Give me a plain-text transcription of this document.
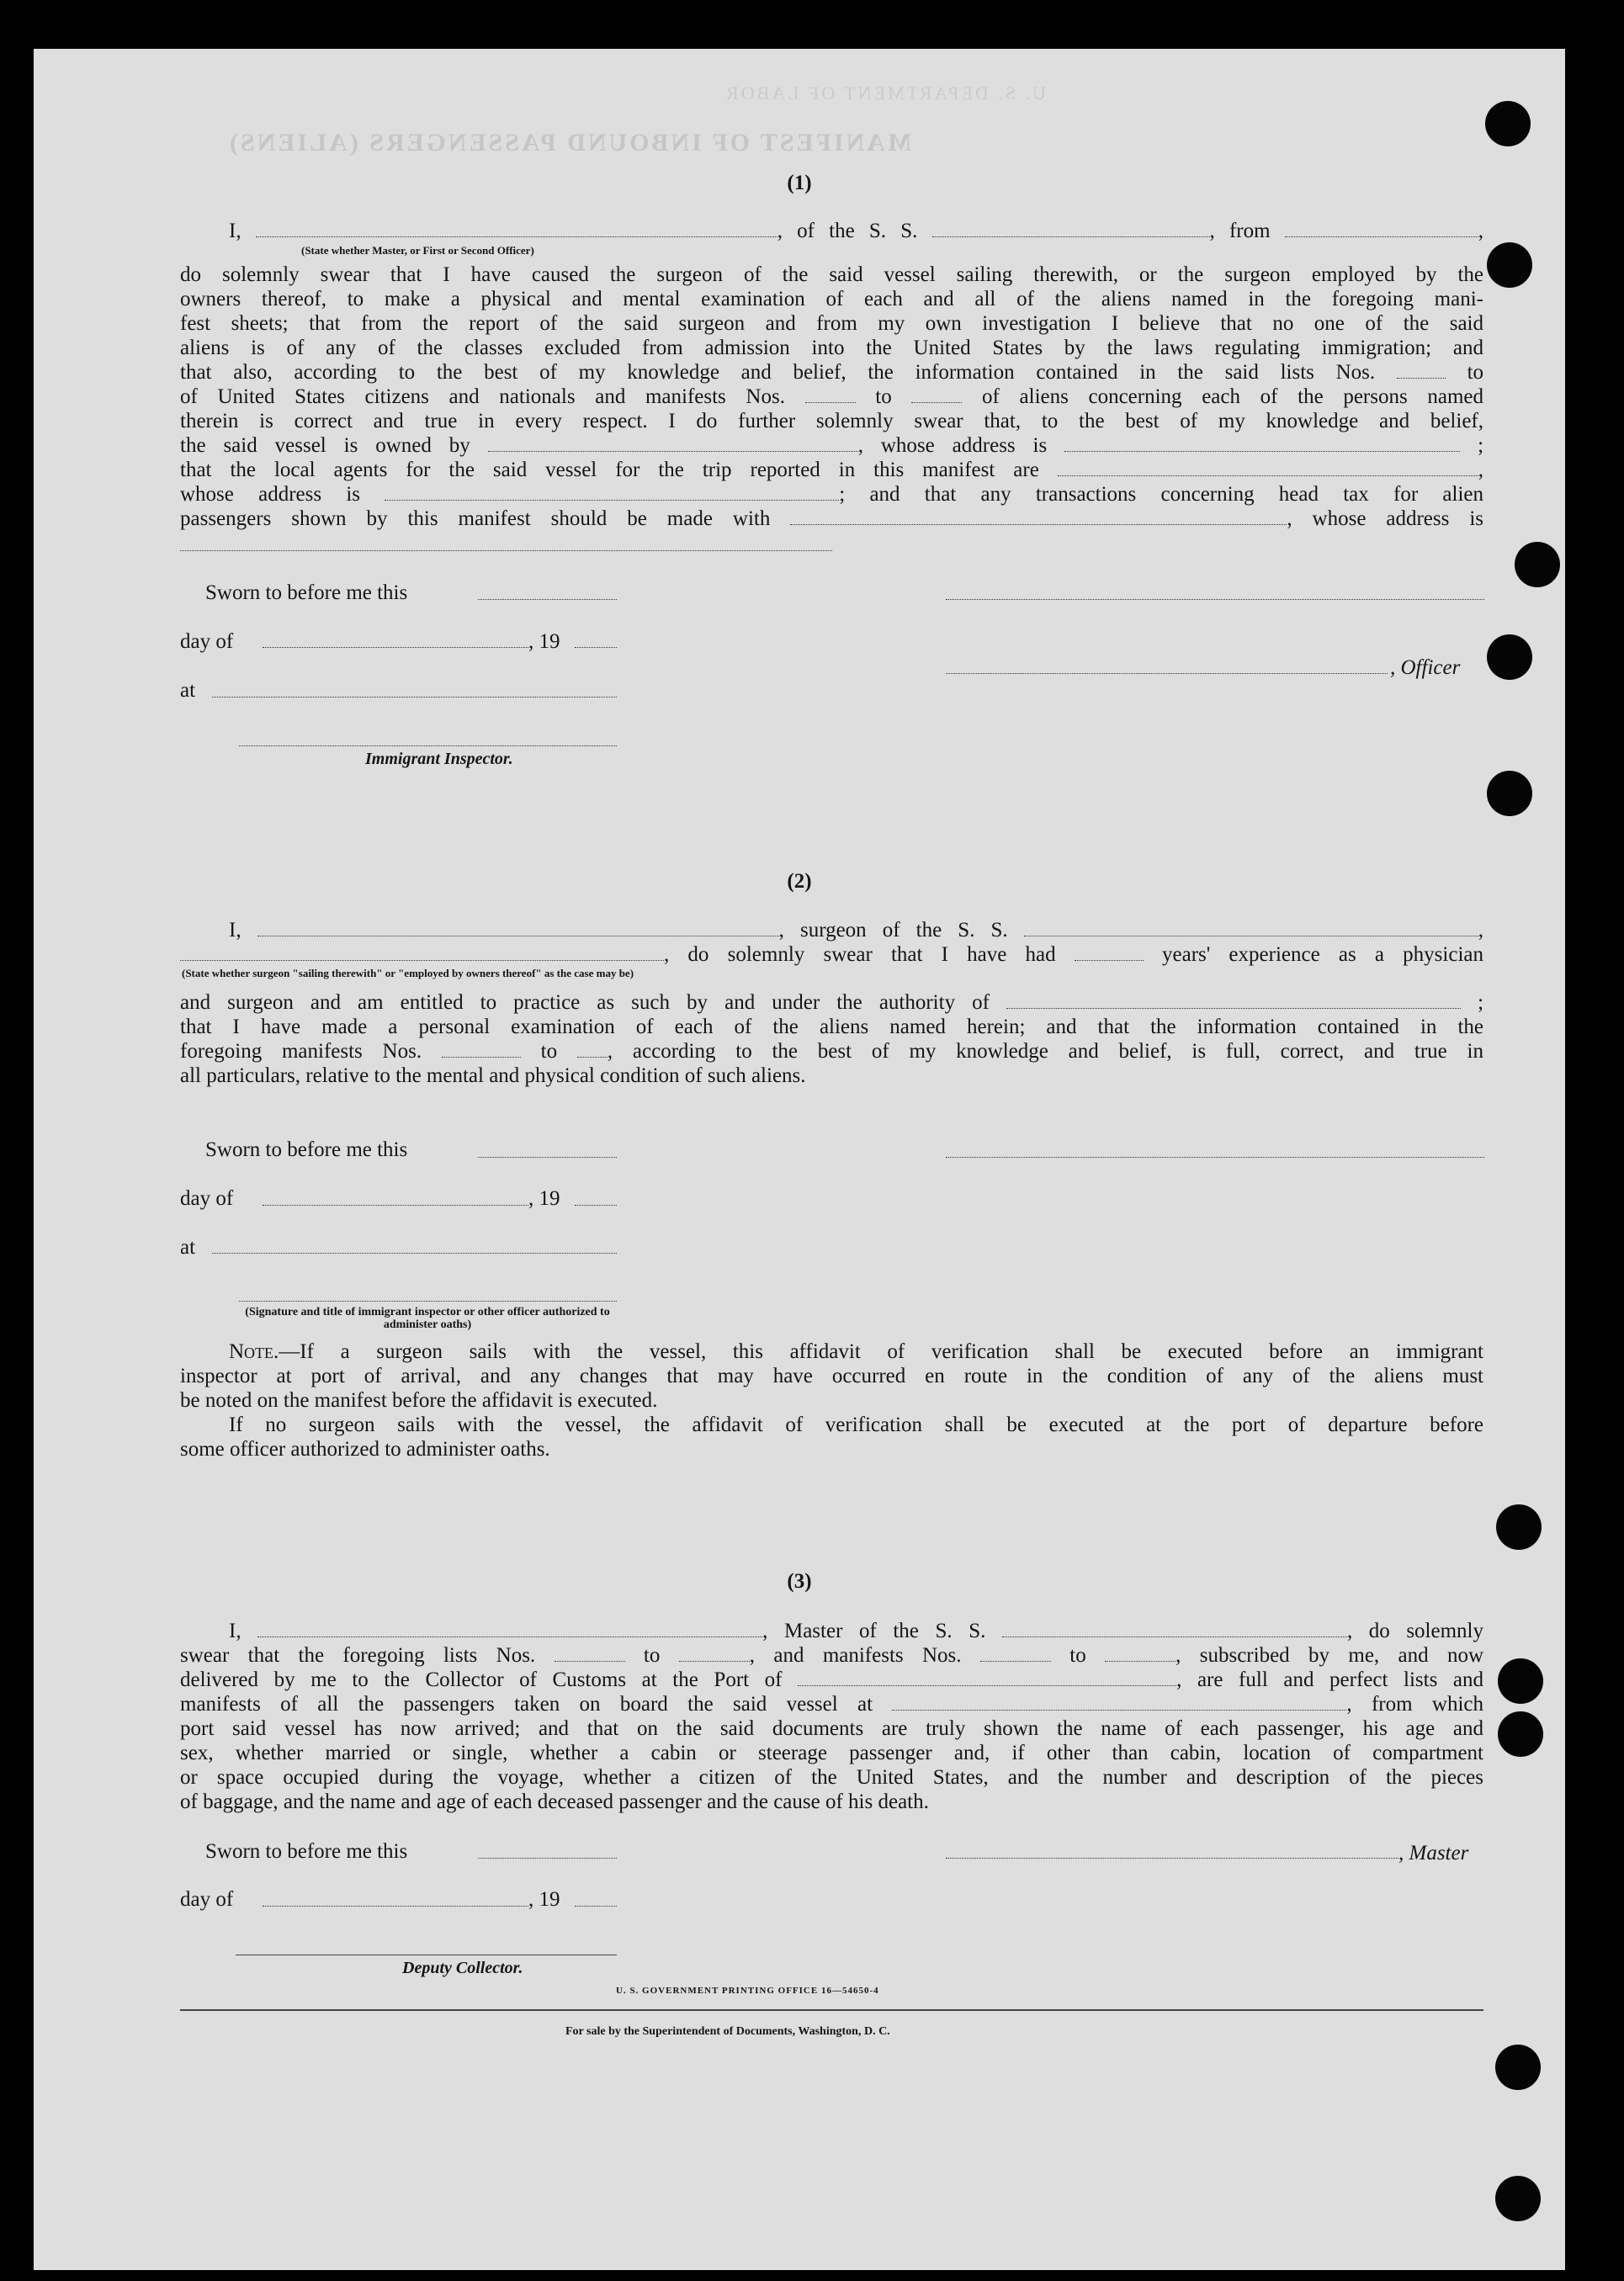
MANIFEST OF INBOUND PASSENGERS (ALIENS)
U. S. DEPARTMENT OF LABOR
(1)
I,	, of the S. S.	, from	,
(State whether Master, or First or Second Officer)
do solemnly swear that I have caused the surgeon of the said vessel sailing therewith, or the surgeon employed by the
owners thereof, to make a physical and mental examination of each and all of the aliens named in the foregoing mani-
fest sheets; that from the report of the said surgeon and from my own investigation I believe that no one of the said
aliens is of any of the classes excluded from admission into the United States by the laws regulating immigration; and
that also, according to the best of my knowledge and belief, the information contained in the said lists Nos.	to
of United States citizens and nationals and manifests Nos.	to	of aliens concerning each of the persons named
therein is correct and true in every respect. I do further solemnly swear that, to the best of my knowledge and belief,
the said vessel is owned by	, whose address is	;
that the local agents for the said vessel for the trip reported in this manifest are	,
whose address is	; and that any transactions concerning head tax for alien
passengers shown by this manifest should be made with	, whose address is
Sworn to before me this
day of	, 19
, Officer
at
Immigrant Inspector.
(2)
I,	, surgeon of the S. S.	,
, do solemnly swear that I have had	years' experience as a physician
(State whether surgeon "sailing therewith" or "employed by owners thereof" as the case may be)
and surgeon and am entitled to practice as such by and under the authority of	;
that I have made a personal examination of each of the aliens named herein; and that the information contained in the
foregoing manifests Nos.	to , according to the best of my knowledge and belief, is full, correct, and true in
all particulars, relative to the mental and physical condition of such aliens.
Sworn to before me this
day of	, 19
at
(Signature and title of immigrant inspector or other officer authorized to administer oaths)
Note.—If a surgeon sails with the vessel, this affidavit of verification shall be executed before an immigrant
inspector at port of arrival, and any changes that may have occurred en route in the condition of any of the aliens must
be noted on the manifest before the affidavit is executed.
If no surgeon sails with the vessel, the affidavit of verification shall be executed at the port of departure before
some officer authorized to administer oaths.
(3)
I,	, Master of the S. S.	, do solemnly
swear that the foregoing lists Nos.	to	, and manifests Nos.	to	, subscribed by me, and now
delivered by me to the Collector of Customs at the Port of	, are full and perfect lists and
manifests of all the passengers taken on board the said vessel at	, from which
port said vessel has now arrived; and that on the said documents are truly shown the name of each passenger, his age and
sex, whether married or single, whether a cabin or steerage passenger and, if other than cabin, location of compartment
or space occupied during the voyage, whether a citizen of the United States, and the number and description of the pieces
of baggage, and the name and age of each deceased passenger and the cause of his death.
Sworn to before me this	, Master
day of	, 19
Deputy Collector.
U. S. GOVERNMENT PRINTING OFFICE 16—54650-4
For sale by the Superintendent of Documents, Washington, D. C.
